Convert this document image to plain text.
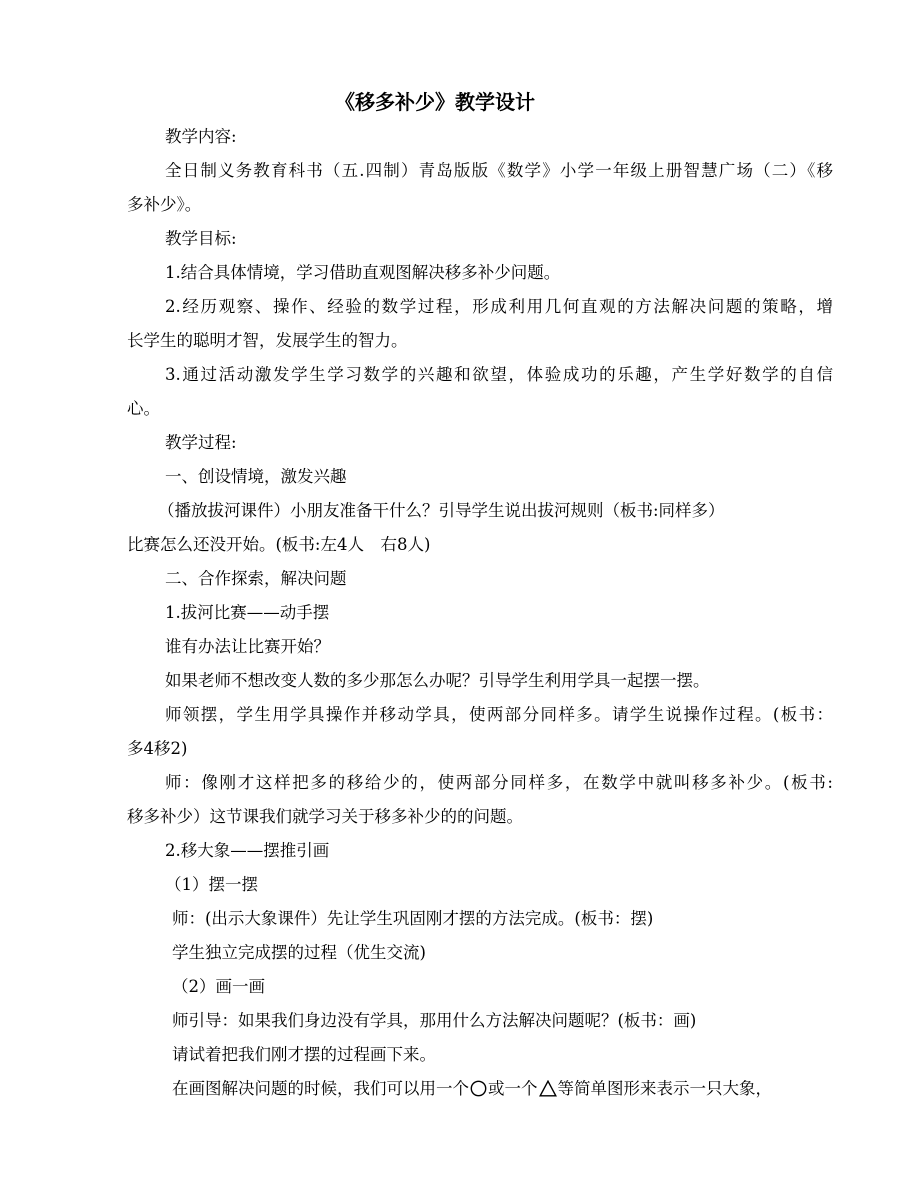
《移多补少》教学设计
教学内容:
全日制义务教育科书（五.四制）青岛版版《数学》小学一年级上册智慧广场（二）《移
多补少》。
教学目标:
1.结合具体情境，学习借助直观图解决移多补少问题。
2.经历观察、操作、经验的数学过程，形成利用几何直观的方法解决问题的策略，增
长学生的聪明才智，发展学生的智力。
3.通过活动激发学生学习数学的兴趣和欲望，体验成功的乐趣，产生学好数学的自信
心。
教学过程:
一、创设情境，激发兴趣
（播放拔河课件）小朋友准备干什么？引导学生说出拔河规则（板书:同样多）
比赛怎么还没开始。(板书:左4人　右8人)
二、合作探索，解决问题
1.拔河比赛——动手摆
谁有办法让比赛开始？
如果老师不想改变人数的多少那怎么办呢？引导学生利用学具一起摆一摆。
师领摆，学生用学具操作并移动学具，使两部分同样多。请学生说操作过程。(板书：
多4移2)
师：像刚才这样把多的移给少的，使两部分同样多，在数学中就叫移多补少。(板书:
移多补少）这节课我们就学习关于移多补少的的问题。
2.移大象——摆推引画
（1）摆一摆
师：(出示大象课件）先让学生巩固刚才摆的方法完成。(板书：摆)
学生独立完成摆的过程（优生交流)
（2）画一画
师引导：如果我们身边没有学具，那用什么方法解决问题呢？(板书：画)
请试着把我们刚才摆的过程画下来。
在画图解决问题的时候，我们可以用一个 或一个 等简单图形来表示一只大象，
